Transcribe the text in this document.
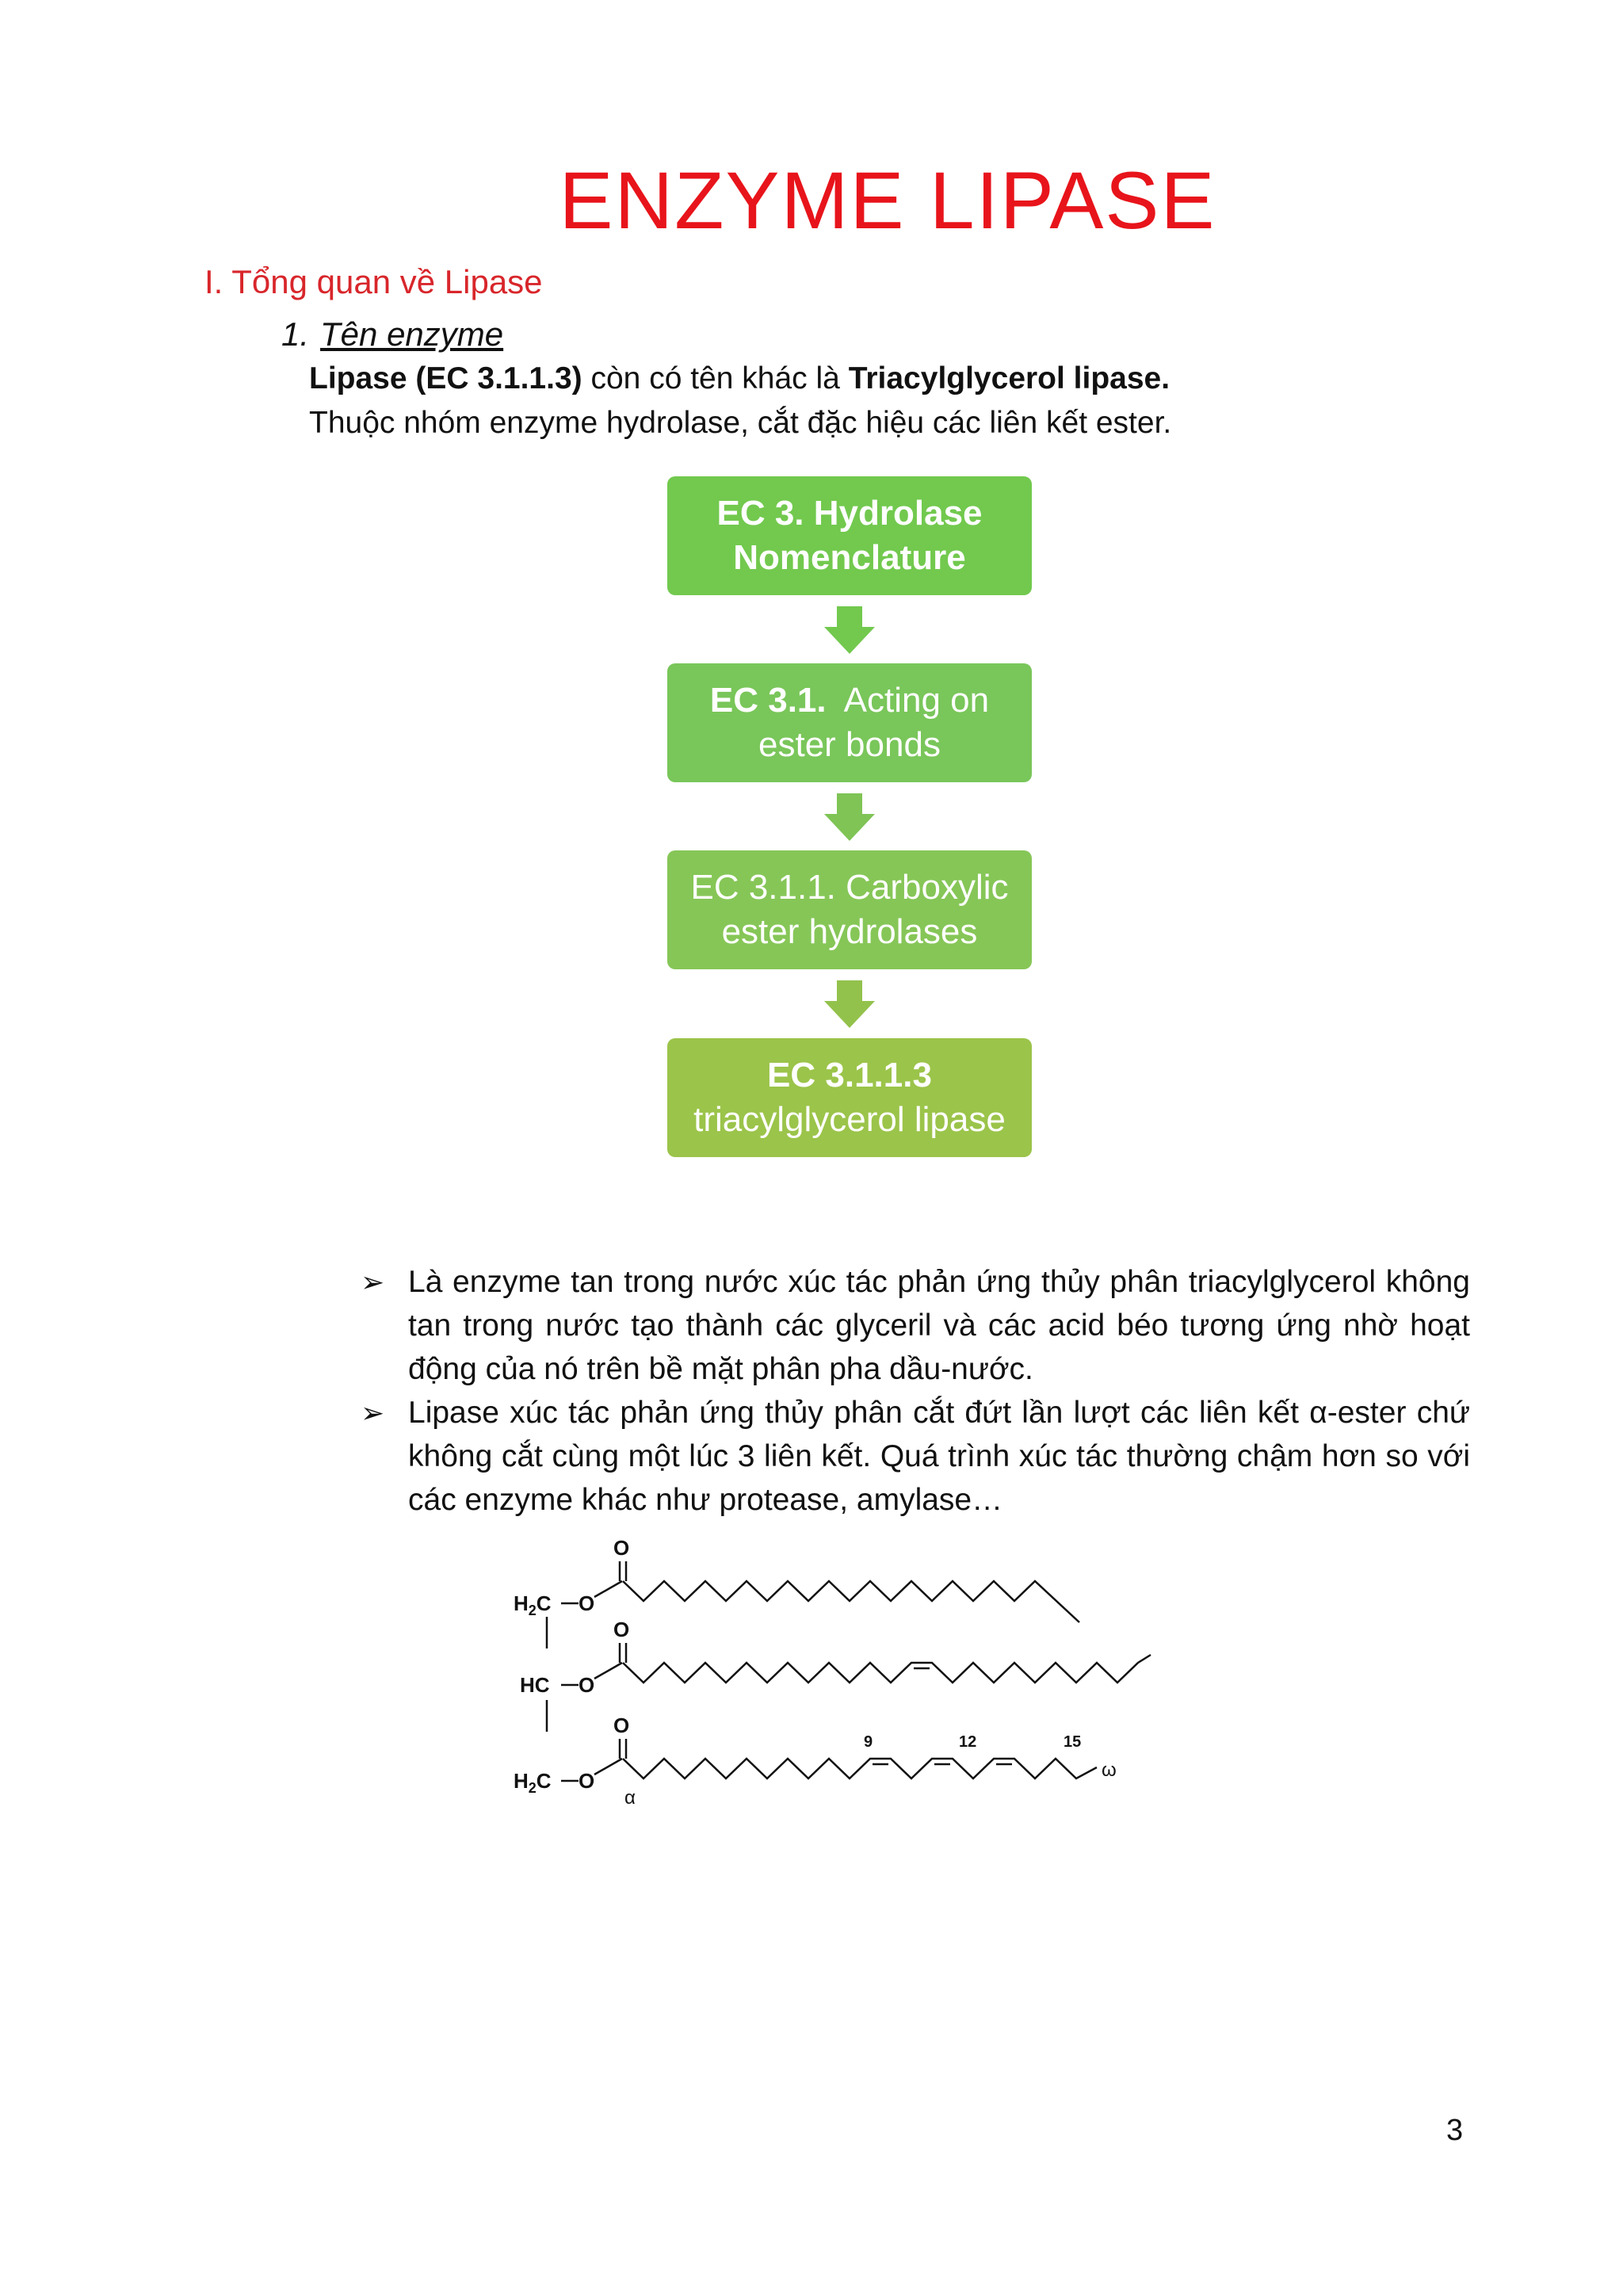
ENZYME LIPASE
I. Tổng quan về Lipase
1. Tên enzyme
Lipase (EC 3.1.1.3) còn có tên khác là Triacylglycerol lipase.
Thuộc nhóm enzyme hydrolase, cắt đặc hiệu các liên kết ester.
EC 3. Hydrolase
Nomenclature
EC 3.1.  Acting on
ester bonds
EC 3.1.1. Carboxylic
ester hydrolases
EC 3.1.1.3
triacylglycerol lipase
➢ Là enzyme tan trong nước xúc tác phản ứng thủy phân triacylglycerol không tan trong nước tạo thành các glyceril và các acid béo tương ứng nhờ hoạt động của nó trên bề mặt phân pha dầu-nước.
➢ Lipase xúc tác phản ứng thủy phân cắt đứt lần lượt các liên kết α-ester chứ không cắt cùng một lúc 3 liên kết. Quá trình xúc tác thường chậm hơn so với các enzyme khác như protease, amylase…
O
O
O
O
O
O
$H_2C$
HC
$H_2C$
α
9	12	15
ω
3
